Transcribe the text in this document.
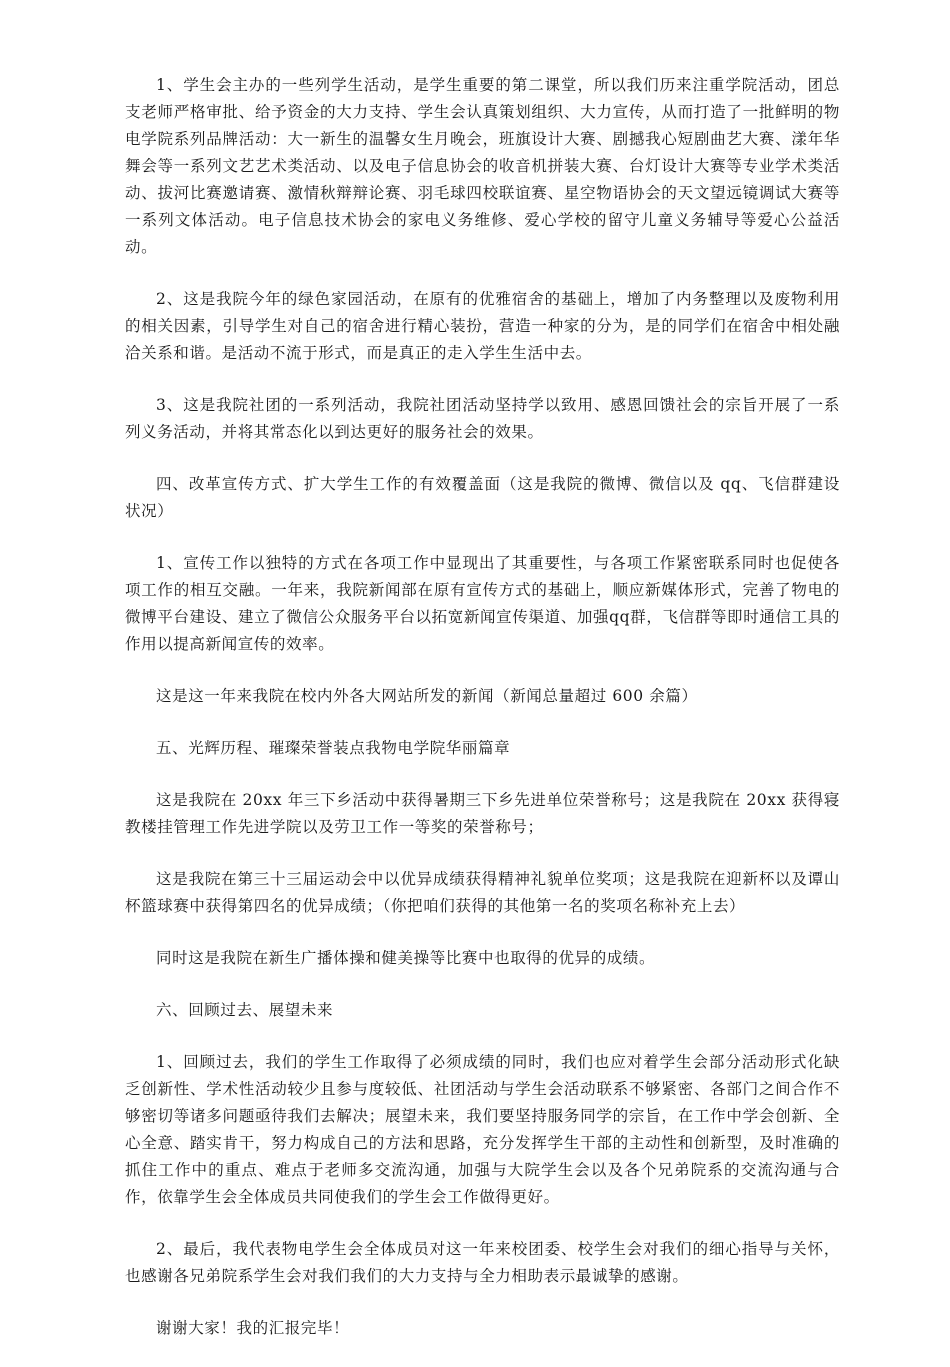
1、学生会主办的一些列学生活动，是学生重要的第二课堂，所以我们历来注重学院活动，团总支老师严格审批、给予资金的大力支持、学生会认真策划组织、大力宣传，从而打造了一批鲜明的物电学院系列品牌活动：大一新生的温馨女生月晚会，班旗设计大赛、剧撼我心短剧曲艺大赛、漾年华舞会等一系列文艺艺术类活动、以及电子信息协会的收音机拼装大赛、台灯设计大赛等专业学术类活动、拔河比赛邀请赛、激情秋辩辩论赛、羽毛球四校联谊赛、星空物语协会的天文望远镜调试大赛等一系列文体活动。电子信息技术协会的家电义务维修、爱心学校的留守儿童义务辅导等爱心公益活动。

2、这是我院今年的绿色家园活动，在原有的优雅宿舍的基础上，增加了内务整理以及废物利用的相关因素，引导学生对自己的宿舍进行精心装扮，营造一种家的分为，是的同学们在宿舍中相处融洽关系和谐。是活动不流于形式，而是真正的走入学生生活中去。

3、这是我院社团的一系列活动，我院社团活动坚持学以致用、感恩回馈社会的宗旨开展了一系列义务活动，并将其常态化以到达更好的服务社会的效果。

四、改革宣传方式、扩大学生工作的有效覆盖面（这是我院的微博、微信以及 qq、飞信群建设状况）

1、宣传工作以独特的方式在各项工作中显现出了其重要性，与各项工作紧密联系同时也促使各项工作的相互交融。一年来，我院新闻部在原有宣传方式的基础上，顺应新媒体形式，完善了物电的微博平台建设、建立了微信公众服务平台以拓宽新闻宣传渠道、加强qq群，飞信群等即时通信工具的作用以提高新闻宣传的效率。

这是这一年来我院在校内外各大网站所发的新闻（新闻总量超过 600 余篇）

五、光辉历程、璀璨荣誉装点我物电学院华丽篇章

这是我院在 20xx 年三下乡活动中获得暑期三下乡先进单位荣誉称号；这是我院在 20xx 获得寝教楼挂管理工作先进学院以及劳卫工作一等奖的荣誉称号；

这是我院在第三十三届运动会中以优异成绩获得精神礼貌单位奖项；这是我院在迎新杯以及谭山杯篮球赛中获得第四名的优异成绩；（你把咱们获得的其他第一名的奖项名称补充上去）

同时这是我院在新生广播体操和健美操等比赛中也取得的优异的成绩。

六、回顾过去、展望未来

1、回顾过去，我们的学生工作取得了必须成绩的同时，我们也应对着学生会部分活动形式化缺乏创新性、学术性活动较少且参与度较低、社团活动与学生会活动联系不够紧密、各部门之间合作不够密切等诸多问题亟待我们去解决；展望未来，我们要坚持服务同学的宗旨，在工作中学会创新、全心全意、踏实肯干，努力构成自己的方法和思路，充分发挥学生干部的主动性和创新型，及时准确的抓住工作中的重点、难点于老师多交流沟通，加强与大院学生会以及各个兄弟院系的交流沟通与合作，依靠学生会全体成员共同使我们的学生会工作做得更好。

2、最后，我代表物电学生会全体成员对这一年来校团委、校学生会对我们的细心指导与关怀，也感谢各兄弟院系学生会对我们我们的大力支持与全力相助表示最诚挚的感谢。

谢谢大家！我的汇报完毕！
